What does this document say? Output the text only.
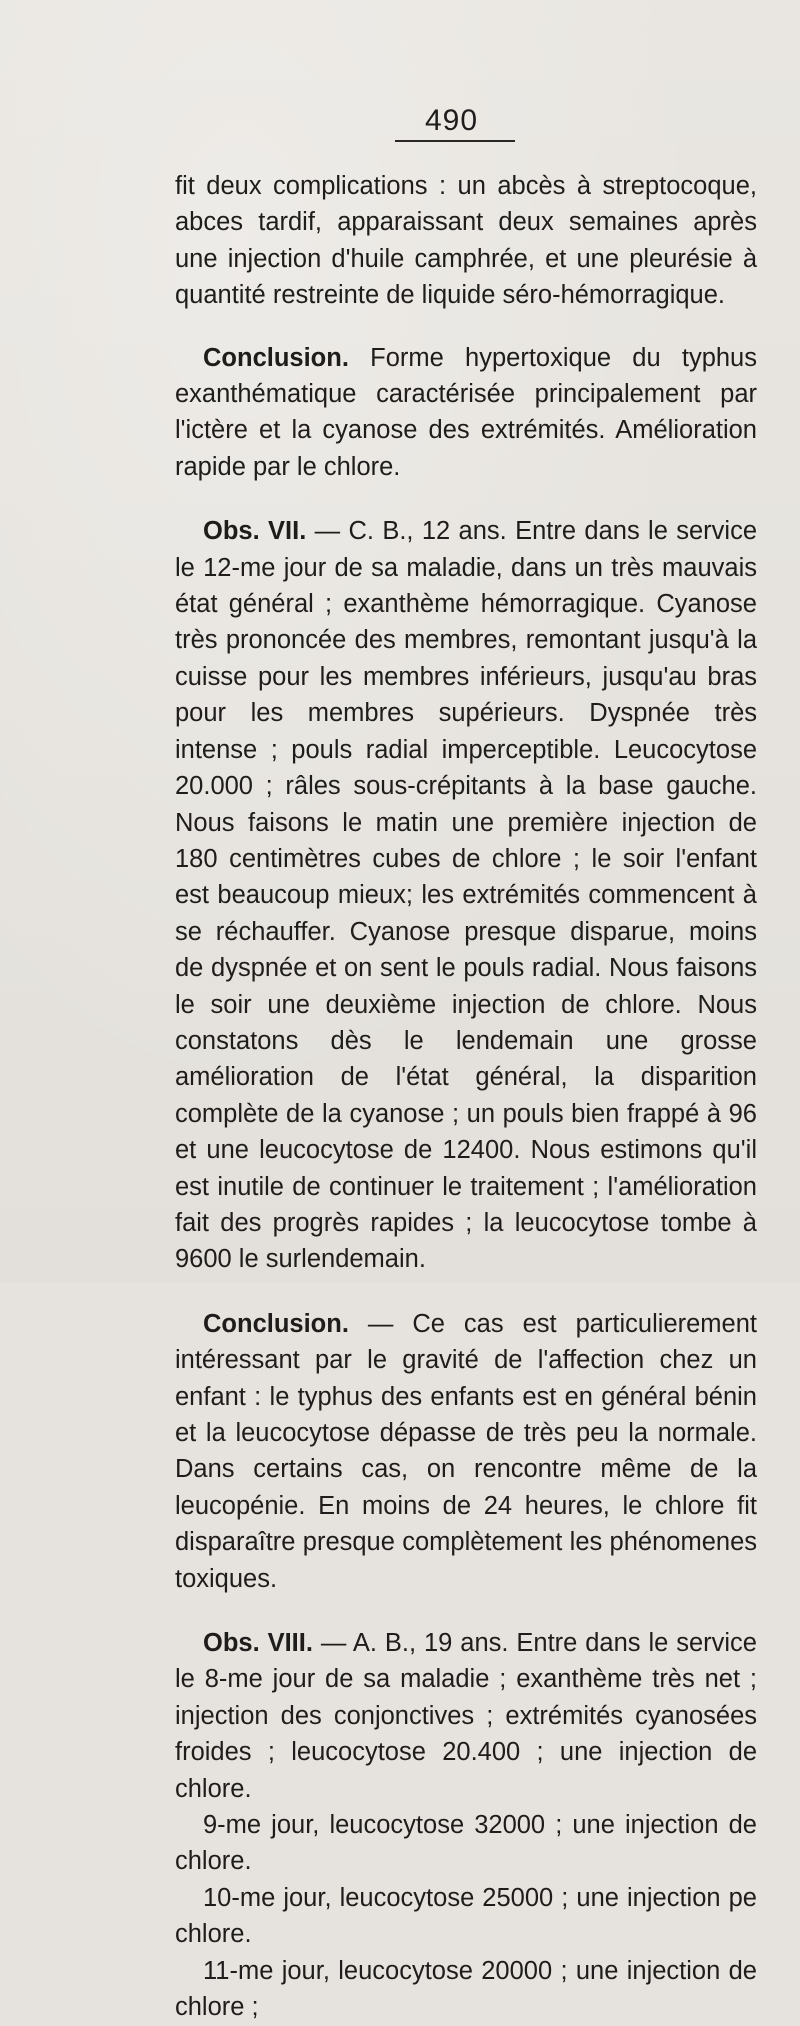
490

fit deux complications : un abcès à streptocoque, abces tardif, apparaissant deux semaines après une injection d'huile camphrée, et une pleurésie à quantité restreinte de liquide séro-hémorragique.

Conclusion. Forme hypertoxique du typhus exanthématique caractérisée principalement par l'ictère et la cyanose des extrémités. Amélioration rapide par le chlore.

Obs. VII. — C. B., 12 ans. Entre dans le service le 12-me jour de sa maladie, dans un très mauvais état général ; exanthème hémorragique. Cyanose très prononcée des membres, remontant jusqu'à la cuisse pour les membres inférieurs, jusqu'au bras pour les membres supérieurs. Dyspnée très intense ; pouls radial imperceptible. Leucocytose 20.000 ; râles sous-crépitants à la base gauche. Nous faisons le matin une première injection de 180 centimètres cubes de chlore ; le soir l'enfant est beaucoup mieux; les extrémités commencent à se réchauffer. Cyanose presque disparue, moins de dyspnée et on sent le pouls radial. Nous faisons le soir une deuxième injection de chlore. Nous constatons dès le lendemain une grosse amélioration de l'état général, la disparition complète de la cyanose ; un pouls bien frappé à 96 et une leucocytose de 12400. Nous estimons qu'il est inutile de continuer le traitement ; l'amélioration fait des progrès rapides ; la leucocytose tombe à 9600 le surlendemain.

Conclusion. — Ce cas est particulierement intéressant par le gravité de l'affection chez un enfant : le typhus des enfants est en général bénin et la leucocytose dépasse de très peu la normale. Dans certains cas, on rencontre même de la leucopénie. En moins de 24 heures, le chlore fit disparaître presque complètement les phénomenes toxiques.

Obs. VIII. — A. B., 19 ans. Entre dans le service le 8-me jour de sa maladie ; exanthème très net ; injection des conjonctives ; extrémités cyanosées froides ; leucocytose 20.400 ; une injection de chlore.

9-me jour, leucocytose 32000 ; une injection de chlore.

10-me jour, leucocytose 25000 ; une injection pe chlore.

11-me jour, leucocytose 20000 ; une injection de chlore ;
